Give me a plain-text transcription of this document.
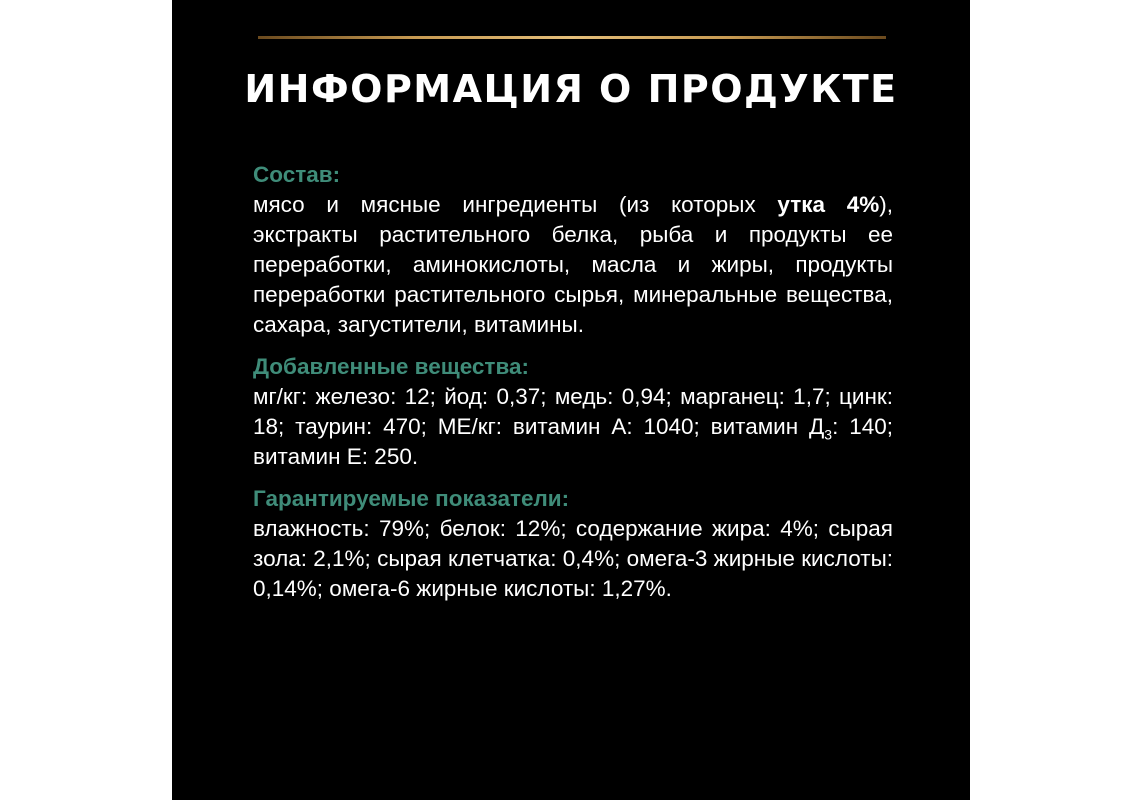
ИНФОРМАЦИЯ О ПРОДУКТЕ

Состав:

мясо и мясные ингредиенты (из которых утка 4%), экстракты растительного белка, рыба и продукты ее переработки, аминокислоты, масла и жиры, продукты переработки растительного сырья, минеральные вещества, сахара, загустители, витамины.

Добавленные вещества:

мг/кг: железо: 12; йод: 0,37; медь: 0,94; марганец: 1,7; цинк: 18; таурин: 470; МЕ/кг: витамин А: 1040; витамин $Д_3$: 140; витамин Е: 250.

Гарантируемые показатели:

влажность: 79%; белок: 12%; содержание жира: 4%; сырая зола: 2,1%; сырая клетчатка: 0,4%; омега-3 жирные кислоты: 0,14%; омега-6 жирные кислоты: 1,27%.
